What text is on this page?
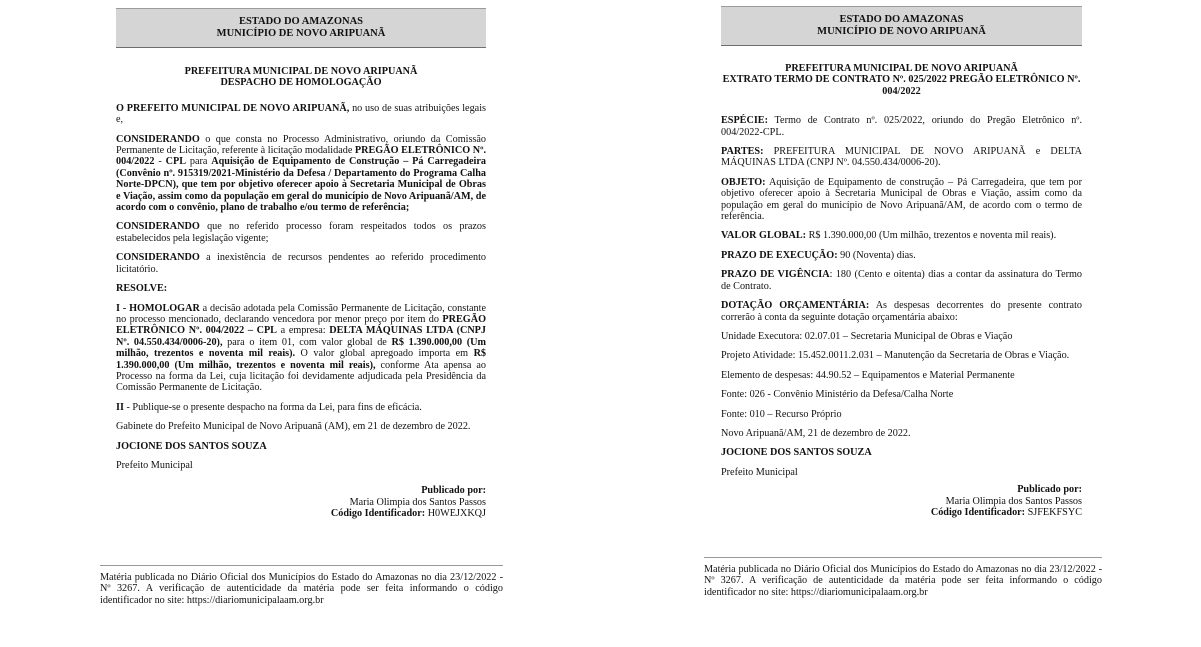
ESTADO DO AMAZONAS
MUNICÍPIO DE NOVO ARIPUANÃ

PREFEITURA MUNICIPAL DE NOVO ARIPUANÃ
DESPACHO DE HOMOLOGAÇÃO

O PREFEITO MUNICIPAL DE NOVO ARIPUANÃ, no uso de suas atribuições legais e,

CONSIDERANDO o que consta no Processo Administrativo, oriundo da Comissão Permanente de Licitação, referente à licitação modalidade PREGÃO ELETRÔNICO Nº. 004/2022 - CPL para Aquisição de Equipamento de Construção – Pá Carregadeira (Convênio nº. 915319/2021-Ministério da Defesa / Departamento do Programa Calha Norte-DPCN), que tem por objetivo oferecer apoio à Secretaria Municipal de Obras e Viação, assim como da população em geral do município de Novo Aripuanã/AM, de acordo com o convênio, plano de trabalho e/ou termo de referência;

CONSIDERANDO que no referido processo foram respeitados todos os prazos estabelecidos pela legislação vigente;

CONSIDERANDO a inexistência de recursos pendentes ao referido procedimento licitatório.

RESOLVE:

I - HOMOLOGAR a decisão adotada pela Comissão Permanente de Licitação, constante no processo mencionado, declarando vencedora por menor preço por item do PREGÃO ELETRÔNICO Nº. 004/2022 – CPL a empresa: DELTA MÁQUINAS LTDA (CNPJ Nº. 04.550.434/0006-20), para o item 01, com valor global de R$ 1.390.000,00 (Um milhão, trezentos e noventa mil reais). O valor global apregoado importa em R$ 1.390.000,00 (Um milhão, trezentos e noventa mil reais), conforme Ata apensa ao Processo na forma da Lei, cuja licitação foi devidamente adjudicada pela Presidência da Comissão Permanente de Licitação.

II - Publique-se o presente despacho na forma da Lei, para fins de eficácia.

Gabinete do Prefeito Municipal de Novo Aripuanã (AM), em 21 de dezembro de 2022.

JOCIONE DOS SANTOS SOUZA

Prefeito Municipal

Publicado por:
Maria Olimpia dos Santos Passos
Código Identificador: H0WEJXKQJ
Matéria publicada no Diário Oficial dos Municípios do Estado do Amazonas no dia 23/12/2022 - Nº 3267. A verificação de autenticidade da matéria pode ser feita informando o código identificador no site: https://diariomunicipalaam.org.br
ESTADO DO AMAZONAS
MUNICÍPIO DE NOVO ARIPUANÃ

PREFEITURA MUNICIPAL DE NOVO ARIPUANÃ
EXTRATO TERMO DE CONTRATO Nº. 025/2022 PREGÃO ELETRÔNICO Nº. 004/2022

ESPÉCIE: Termo de Contrato nº. 025/2022, oriundo do Pregão Eletrônico nº. 004/2022-CPL.

PARTES: PREFEITURA MUNICIPAL DE NOVO ARIPUANÃ e DELTA MÁQUINAS LTDA (CNPJ Nº. 04.550.434/0006-20).

OBJETO: Aquisição de Equipamento de construção – Pá Carregadeira, que tem por objetivo oferecer apoio à Secretaria Municipal de Obras e Viação, assim como da população em geral do município de Novo Aripuanã/AM, de acordo com o termo de referência.

VALOR GLOBAL: R$ 1.390.000,00 (Um milhão, trezentos e noventa mil reais).

PRAZO DE EXECUÇÃO: 90 (Noventa) dias.

PRAZO DE VIGÊNCIA: 180 (Cento e oitenta) dias a contar da assinatura do Termo de Contrato.

DOTAÇÃO ORÇAMENTÁRIA: As despesas decorrentes do presente contrato correrão à conta da seguinte dotação orçamentária abaixo:

Unidade Executora: 02.07.01 – Secretaria Municipal de Obras e Viação

Projeto Atividade: 15.452.0011.2.031 – Manutenção da Secretaria de Obras e Viação.

Elemento de despesas: 44.90.52 – Equipamentos e Material Permanente

Fonte: 026 - Convênio Ministério da Defesa/Calha Norte

Fonte: 010 – Recurso Próprio

Novo Aripuanã/AM, 21 de dezembro de 2022.

JOCIONE DOS SANTOS SOUZA

Prefeito Municipal

Publicado por:
Maria Olimpia dos Santos Passos
Código Identificador: SJFEKFSYC
Matéria publicada no Diário Oficial dos Municípios do Estado do Amazonas no dia 23/12/2022 - Nº 3267. A verificação de autenticidade da matéria pode ser feita informando o código identificador no site: https://diariomunicipalaam.org.br
